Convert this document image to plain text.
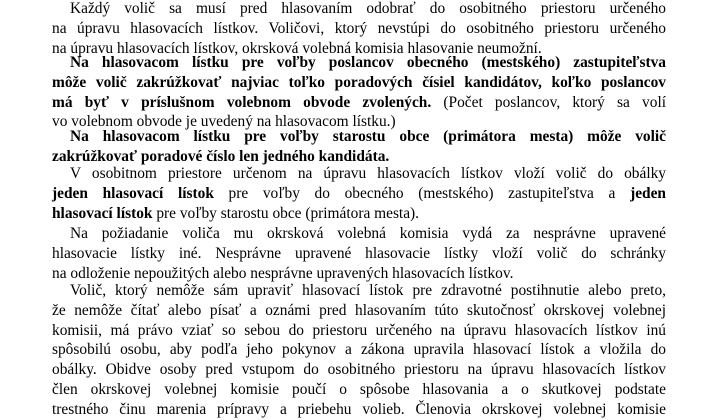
Každý volič sa musí pred hlasovaním odobrať do osobitného priestoru určeného
na úpravu hlasovacích lístkov. Voličovi, ktorý nevstúpi do osobitného priestoru určeného
na úpravu hlasovacích lístkov, okrsková volebná komisia hlasovanie neumožní.
Na hlasovacom lístku pre voľby poslancov obecného (mestského) zastupiteľstva
môže volič zakrúžkovať najviac toľko poradových čísiel kandidátov, koľko poslancov
má byť v príslušnom volebnom obvode zvolených. (Počet poslancov, ktorý sa volí
vo volebnom obvode je uvedený na hlasovacom lístku.)
Na hlasovacom lístku pre voľby starostu obce (primátora mesta) môže volič
zakrúžkovať poradové číslo len jedného kandidáta.
V osobitnom priestore určenom na úpravu hlasovacích lístkov vloží volič do obálky
jeden hlasovací lístok pre voľby do obecného (mestského) zastupiteľstva a jeden
hlasovací lístok pre voľby starostu obce (primátora mesta).
Na požiadanie voliča mu okrsková volebná komisia vydá za nesprávne upravené
hlasovacie lístky iné. Nesprávne upravené hlasovacie lístky vloží volič do schránky
na odloženie nepoužitých alebo nesprávne upravených hlasovacích lístkov.
Volič, ktorý nemôže sám upraviť hlasovací lístok pre zdravotné postihnutie alebo preto,
že nemôže čítať alebo písať a oznámi pred hlasovaním túto skutočnosť okrskovej volebnej
komisii, má právo vziať so sebou do priestoru určeného na úpravu hlasovacích lístkov inú
spôsobilú osobu, aby podľa jeho pokynov a zákona upravila hlasovací lístok a vložila do
obálky. Obidve osoby pred vstupom do osobitného priestoru na úpravu hlasovacích lístkov
člen okrskovej volebnej komisie poučí o spôsobe hlasovania a o skutkovej podstate
trestného činu marenia prípravy a priebehu volieb. Členovia okrskovej volebnej komisie
